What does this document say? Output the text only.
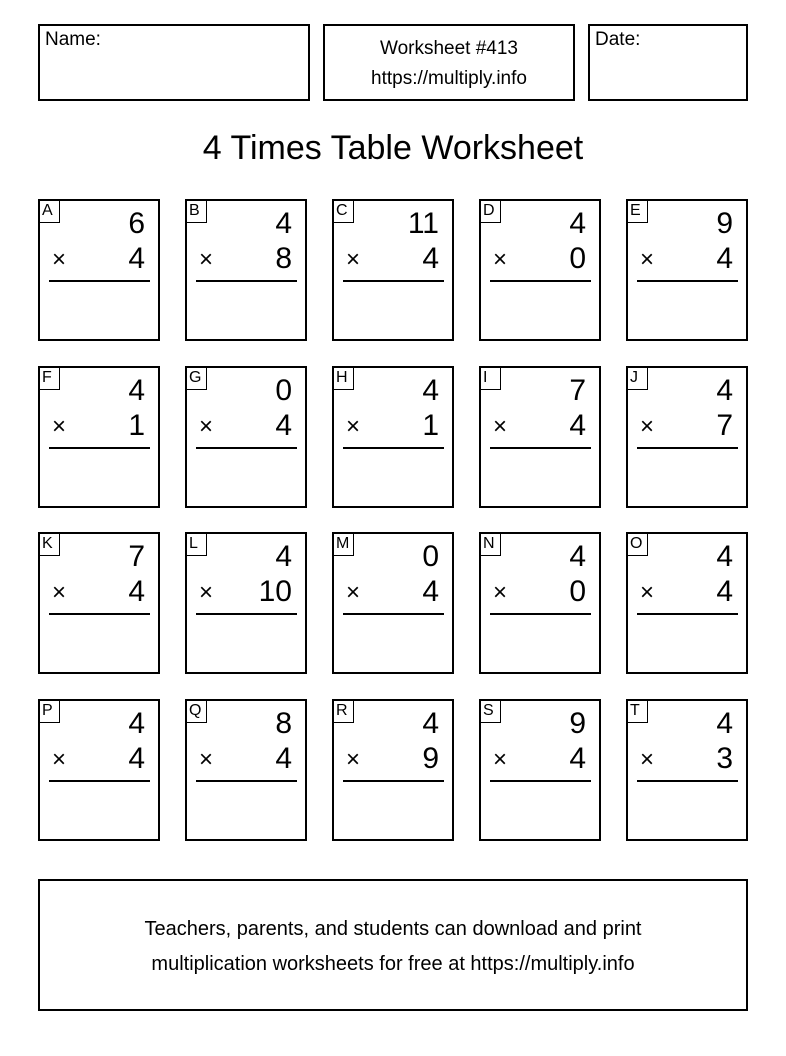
Name:	Worksheet #413
https://multiply.info
Date:
4 Times Table Worksheet
A	6
× 4
B	4
× 8
C 11
× 4
D 4
× 0
E	9
× 4
F	4
× 1
G 0
× 4
H 4
× 1
I	7
× 4
J	4
× 7
K	7
× 4
L	4
× 10
M 0
× 4
N 4
× 0
O 4
× 4
P	4
× 4
Q 8
× 4
R 4
× 9
S	9
× 4
T	4
× 3
Teachers, parents, and students can download and print
multiplication worksheets for free at https://multiply.info
